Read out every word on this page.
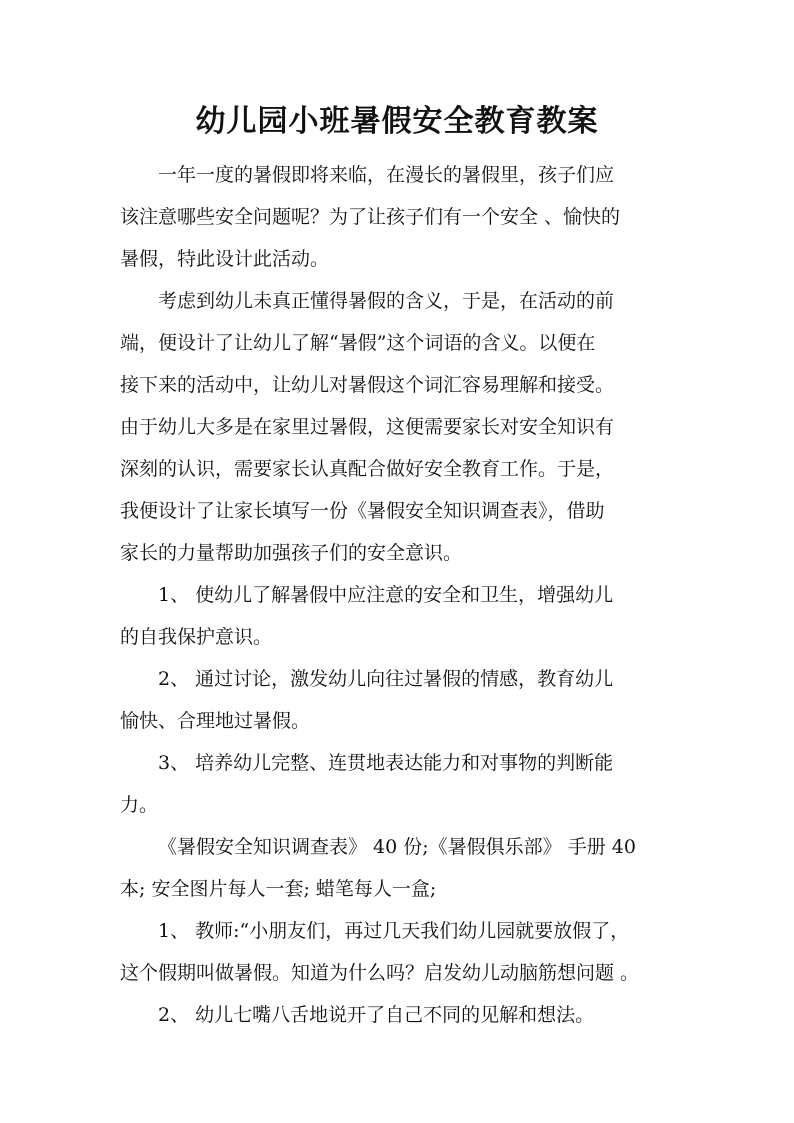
幼儿园小班暑假安全教育教案
一年一度的暑假即将来临，在漫长的暑假里，孩子们应
该注意哪些安全问题呢？为了让孩子们有一个安全 、愉快的
暑假，特此设计此活动。
考虑到幼儿未真正懂得暑假的含义，于是，在活动的前
端，便设计了让幼儿了解“暑假”这个词语的含义。以便在
接下来的活动中，让幼儿对暑假这个词汇容易理解和接受。
由于幼儿大多是在家里过暑假，这便需要家长对安全知识有
深刻的认识，需要家长认真配合做好安全教育工作。于是，
我便设计了让家长填写一份《暑假安全知识调查表》，借助
家长的力量帮助加强孩子们的安全意识。
1、 使幼儿了解暑假中应注意的安全和卫生，增强幼儿
的自我保护意识。
2、 通过讨论，激发幼儿向往过暑假的情感，教育幼儿
愉快、合理地过暑假。
3、 培养幼儿完整、连贯地表达能力和对事物的判断能
力。
《暑假安全知识调查表》 40 份;《暑假俱乐部》 手册 40
本; 安全图片每人一套; 蜡笔每人一盒;
1、 教师:“小朋友们，再过几天我们幼儿园就要放假了，
这个假期叫做暑假。知道为什么吗？启发幼儿动脑筋想问题 。
2、 幼儿七嘴八舌地说开了自己不同的见解和想法。
